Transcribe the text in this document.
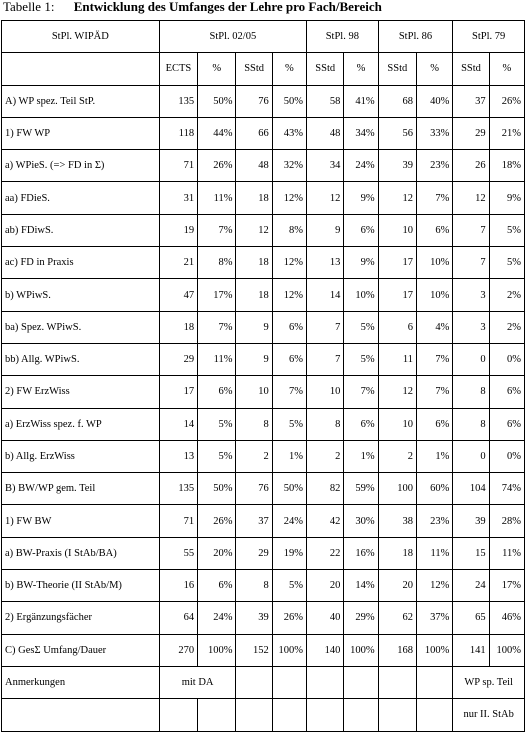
Tabelle 1: Entwicklung des Umfanges der Lehre pro Fach/Bereich
StPl. WIPÄD	StPl. 02/05				StPl. 98		StPl. 86		StPl. 79	
	ECTS	%	SStd	%	SStd	%	SStd	%	SStd	%
A) WP spez. Teil StP.	135	50%	76	50%	58	41%	68	40%	37	26%
1) FW WP	118	44%	66	43%	48	34%	56	33%	29	21%
a) WPieS. (=> FD in Σ)	71	26%	48	32%	34	24%	39	23%	26	18%
aa) FDieS.	31	11%	18	12%	12	9%	12	7%	12	9%
ab) FDiwS.	19	7%	12	8%	9	6%	10	6%	7	5%
ac) FD in Praxis	21	8%	18	12%	13	9%	17	10%	7	5%
b) WPiwS.	47	17%	18	12%	14	10%	17	10%	3	2%
ba) Spez. WPiwS.	18	7%	9	6%	7	5%	6	4%	3	2%
bb) Allg. WPiwS.	29	11%	9	6%	7	5%	11	7%	0	0%
2) FW ErzWiss	17	6%	10	7%	10	7%	12	7%	8	6%
a) ErzWiss spez. f. WP	14	5%	8	5%	8	6%	10	6%	8	6%
b) Allg. ErzWiss	13	5%	2	1%	2	1%	2	1%	0	0%
B) BW/WP gem. Teil	135	50%	76	50%	82	59%	100	60%	104	74%
1) FW BW	71	26%	37	24%	42	30%	38	23%	39	28%
a) BW-Praxis (I StAb/BA)	55	20%	29	19%	22	16%	18	11%	15	11%
b) BW-Theorie (II StAb/M)	16	6%	8	5%	20	14%	20	12%	24	17%
2) Ergänzungsfächer	64	24%	39	26%	40	29%	62	37%	65	46%
C) GesΣ Umfang/Dauer	270	100%	152	100%	140	100%	168	100%	141	100%
Anmerkungen	mit DA								WP sp. Teil	
									nur II. StAb	
